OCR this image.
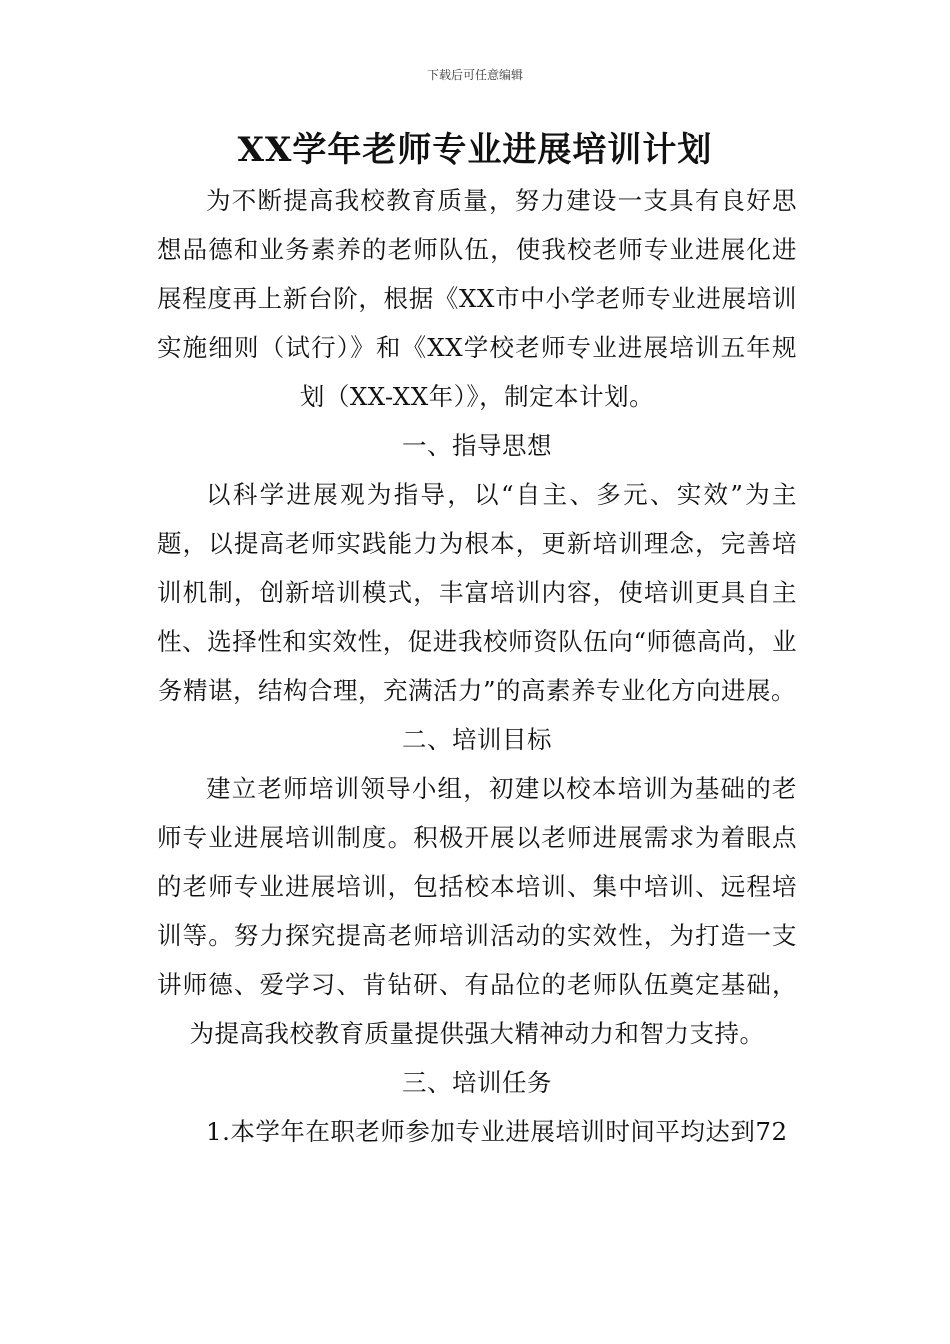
下载后可任意编辑
XX学年老师专业进展培训计划

为不断提高我校教育质量，努力建设一支具有良好思想品德和业务素养的老师队伍，使我校老师专业进展化进展程度再上新台阶，根据《XX市中小学老师专业进展培训实施细则（试行）》和《XX学校老师专业进展培训五年规划（XX-XX年）》，制定本计划。

一、指导思想

以科学进展观为指导，以“自主、多元、实效”为主题，以提高老师实践能力为根本，更新培训理念，完善培训机制，创新培训模式，丰富培训内容，使培训更具自主性、选择性和实效性，促进我校师资队伍向“师德高尚，业务精谌，结构合理，充满活力”的高素养专业化方向进展。

二、培训目标

建立老师培训领导小组，初建以校本培训为基础的老师专业进展培训制度。积极开展以老师进展需求为着眼点的老师专业进展培训，包括校本培训、集中培训、远程培训等。努力探究提高老师培训活动的实效性，为打造一支讲师德、爱学习、肯钻研、有品位的老师队伍奠定基础，为提高我校教育质量提供强大精神动力和智力支持。

三、培训任务

1.本学年在职老师参加专业进展培训时间平均达到72
